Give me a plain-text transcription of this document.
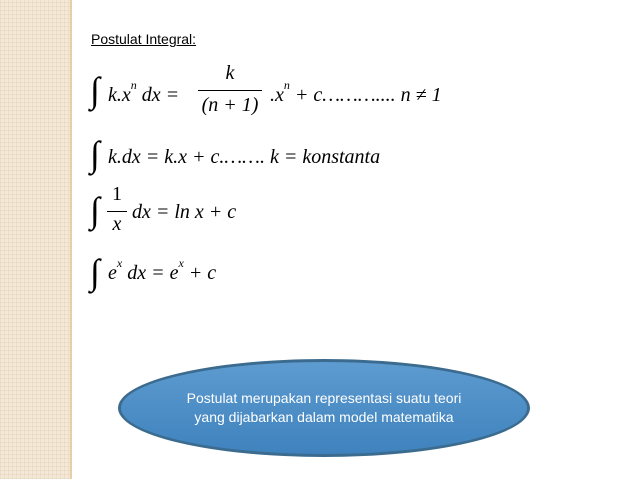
Postulat Integral:
∫ $k.x^n$ dx =
k
(n + 1) $.x^n$ + c……….... n ≠ 1
∫ k.dx = k.x + c.……. k = konstanta
∫ 1
x
dx = ln x + c
∫ $e^x$ dx = $e^x + c$
Postulat merupakan representasi suatu teori yang dijabarkan dalam model matematika
